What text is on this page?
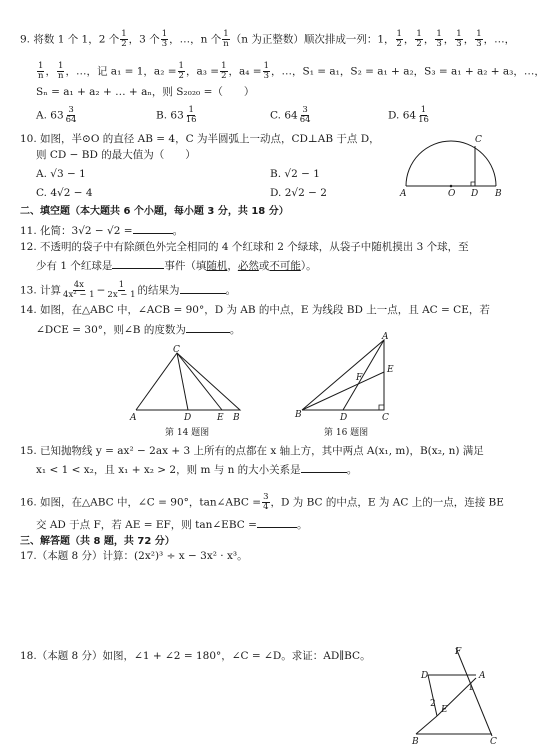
9. 将数 1 个 1，2 个 $\frac{1}{2}$ ，3 个 $\frac{1}{3}$ ，…，n 个 $\frac{1}{n} (n$ 为正整数）顺次排成一列：1， $\frac{1}{2}$ ， $\frac{1}{2}$ ， $\frac{1}{3}$ ， $\frac{1}{3}$ ， $\frac{1}{3}$ ，…，
$\frac{1}{n}$ ， $\frac{1}{n}$ ，…，记 a₁ = 1，$a_2 = \frac{1}{2}$ ，$a_3 = \frac{1}{2}$ ，$a_4 = \frac{1}{3}$ ，…，S₁ = a₁，S₂ = a₁ + a₂，S₃ = a₁ + a₂ + a₃，…，
Sₙ = a₁ + a₂ + … + aₙ，则 S₂₀₂₀ =（　　）
A. $63 \frac{3}{64}$	B. $63 \frac{1}{16}$	C. $64 \frac{3}{64}$	D. $64 \frac{1}{16}$
10. 如图，半⊙O 的直径 AB = 4，C 为半圆弧上一动点，CD⊥AB 于点 D，
则 CD − BD 的最大值为（　　）
A. √3 − 1	B. √2 − 1
C. 4√2 − 4	D. 2√2 − 2	A	O D B
C
二、填空题（本大题共 6 个小题，每小题 3 分，共 18 分）
11. 化简：3√2 − √2 =	。
12. 不透明的袋子中有除颜色外完全相同的 4 个红球和 2 个绿球，从袋子中随机摸出 3 个球，至
少有 1 个红球是	事件（填随机，必然或不可能）。
13. 计算 $\frac{4x}{\text{4x² − 1}} - \frac{1}{2x - 1}$ 的结果为	。
14. 如图，在△ABC 中，∠ACB = 90°，D 为 AB 的中点，E 为线段 BD 上一点，且 AC = CE，若
∠DCE = 30°，则∠B 的度数为	。
C
A	D	E B
第 14 题图
A
E
F
B	D	C
第 16 题图
15. 已知抛物线 y = ax² − 2ax + 3 上所有的点都在 x 轴上方，其中两点 A(x₁, m)，B(x₂, n) 满足
x₁ < 1 < x₂，且 x₁ + x₂ > 2，则 m 与 n 的大小关系是	。
16. 如图，在△ABC 中，∠C = 90°，tan∠ABC = $\frac{3}{4}$ ，D 为 BC 的中点，E 为 AC 上的一点，连接 BE
交 AD 于点 F，若 AE = EF，则 tan∠EBC =	。
三、解答题（共 8 题，共 72 分）
17.（本题 8 分）计算：(2x²)³ ÷ x − 3x² · x³。
18.（本题 8 分）如图，∠1 + ∠2 = 180°，∠C = ∠D。求证：AD∥BC。	F
D	A
1
2
E
B	C
